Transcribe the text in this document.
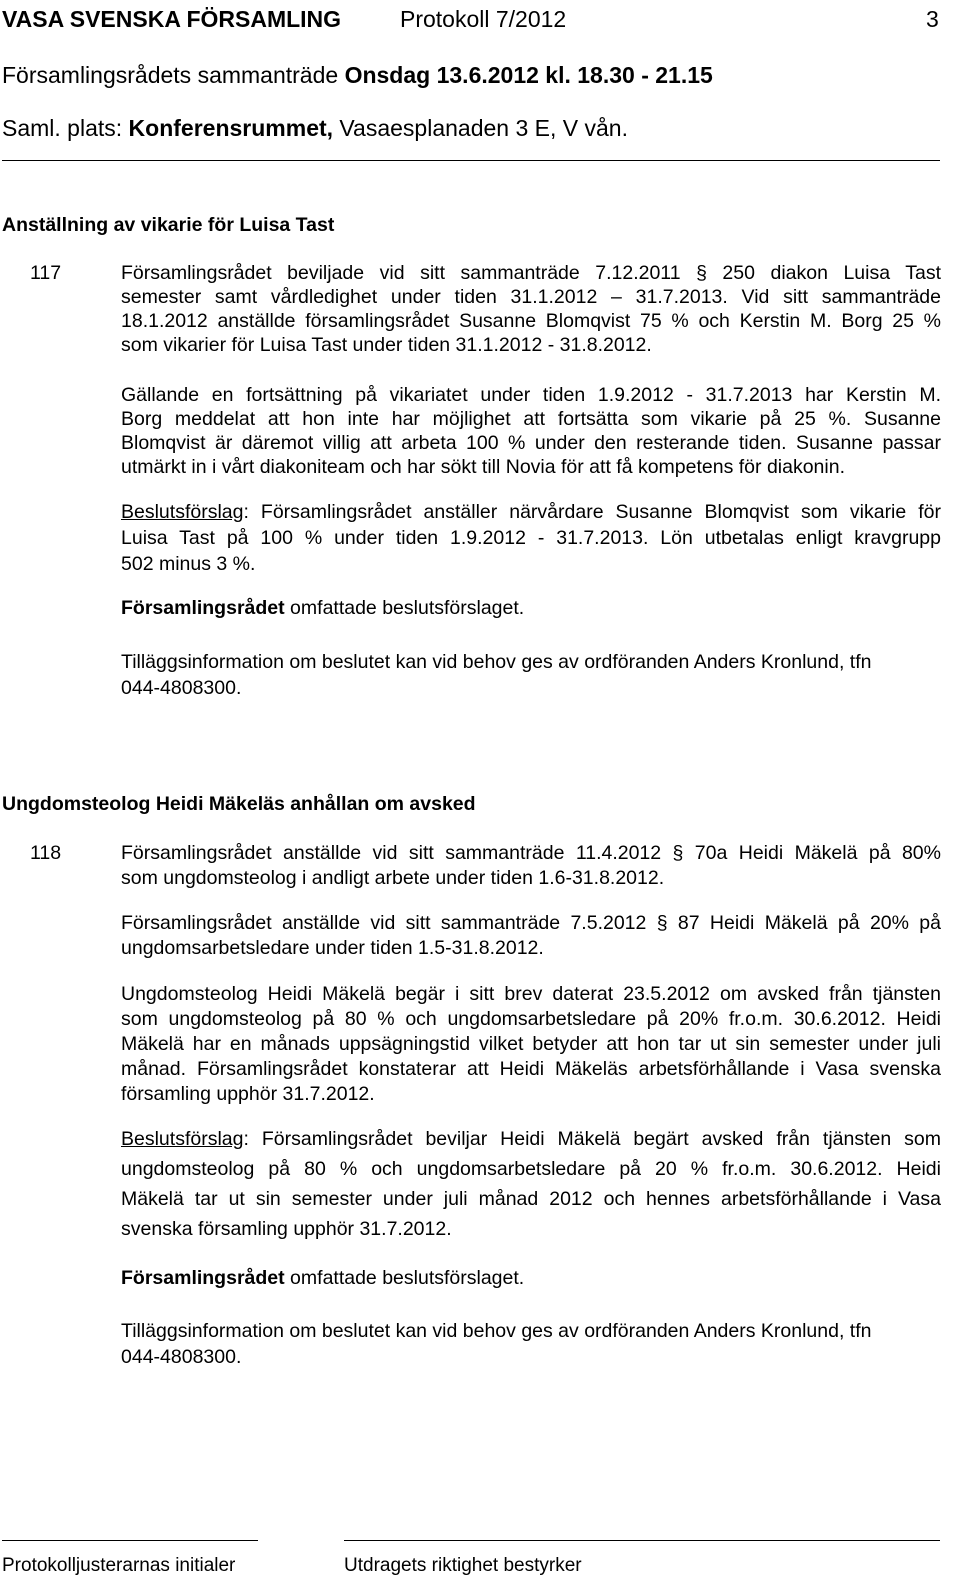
VASA SVENSKA FÖRSAMLING	Protokoll 7/2012	3
Församlingsrådets sammanträde Onsdag 13.6.2012 kl. 18.30 - 21.15
Saml. plats: Konferensrummet, Vasaesplanaden 3 E, V vån.
Anställning av vikarie för Luisa Tast
117	Församlingsrådet beviljade vid sitt sammanträde 7.12.2011 § 250 diakon Luisa Tast
semester samt vårdledighet under tiden 31.1.2012 – 31.7.2013. Vid sitt sammanträde
18.1.2012 anställde församlingsrådet Susanne Blomqvist 75 % och Kerstin M. Borg 25 %
som vikarier för Luisa Tast under tiden 31.1.2012 - 31.8.2012.
Gällande en fortsättning på vikariatet under tiden 1.9.2012 - 31.7.2013 har Kerstin M.
Borg meddelat att hon inte har möjlighet att fortsätta som vikarie på 25 %. Susanne
Blomqvist är däremot villig att arbeta 100 % under den resterande tiden. Susanne passar
utmärkt in i vårt diakoniteam och har sökt till Novia för att få kompetens för diakonin.
Beslutsförslag: Församlingsrådet anställer närvårdare Susanne Blomqvist som vikarie för
Luisa Tast på 100 % under tiden 1.9.2012 - 31.7.2013. Lön utbetalas enligt kravgrupp
502 minus 3 %.
Församlingsrådet omfattade beslutsförslaget.
Tilläggsinformation om beslutet kan vid behov ges av ordföranden Anders Kronlund, tfn
044-4808300.
Ungdomsteolog Heidi Mäkeläs anhållan om avsked
118	Församlingsrådet anställde vid sitt sammanträde 11.4.2012 § 70a Heidi Mäkelä på 80%
som ungdomsteolog i andligt arbete under tiden 1.6-31.8.2012.
Församlingsrådet anställde vid sitt sammanträde 7.5.2012 § 87 Heidi Mäkelä på 20% på
ungdomsarbetsledare under tiden 1.5-31.8.2012.
Ungdomsteolog Heidi Mäkelä begär i sitt brev daterat 23.5.2012 om avsked från tjänsten
som ungdomsteolog på 80 % och ungdomsarbetsledare på 20% fr.o.m. 30.6.2012. Heidi
Mäkelä har en månads uppsägningstid vilket betyder att hon tar ut sin semester under juli
månad. Församlingsrådet konstaterar att Heidi Mäkeläs arbetsförhållande i Vasa svenska
församling upphör 31.7.2012.
Beslutsförslag: Församlingsrådet beviljar Heidi Mäkelä begärt avsked från tjänsten som
ungdomsteolog på 80 % och ungdomsarbetsledare på 20 % fr.o.m. 30.6.2012. Heidi
Mäkelä tar ut sin semester under juli månad 2012 och hennes arbetsförhållande i Vasa
svenska församling upphör 31.7.2012.
Församlingsrådet omfattade beslutsförslaget.
Tilläggsinformation om beslutet kan vid behov ges av ordföranden Anders Kronlund, tfn
044-4808300.
Protokolljusterarnas initialer	Utdragets riktighet bestyrker
